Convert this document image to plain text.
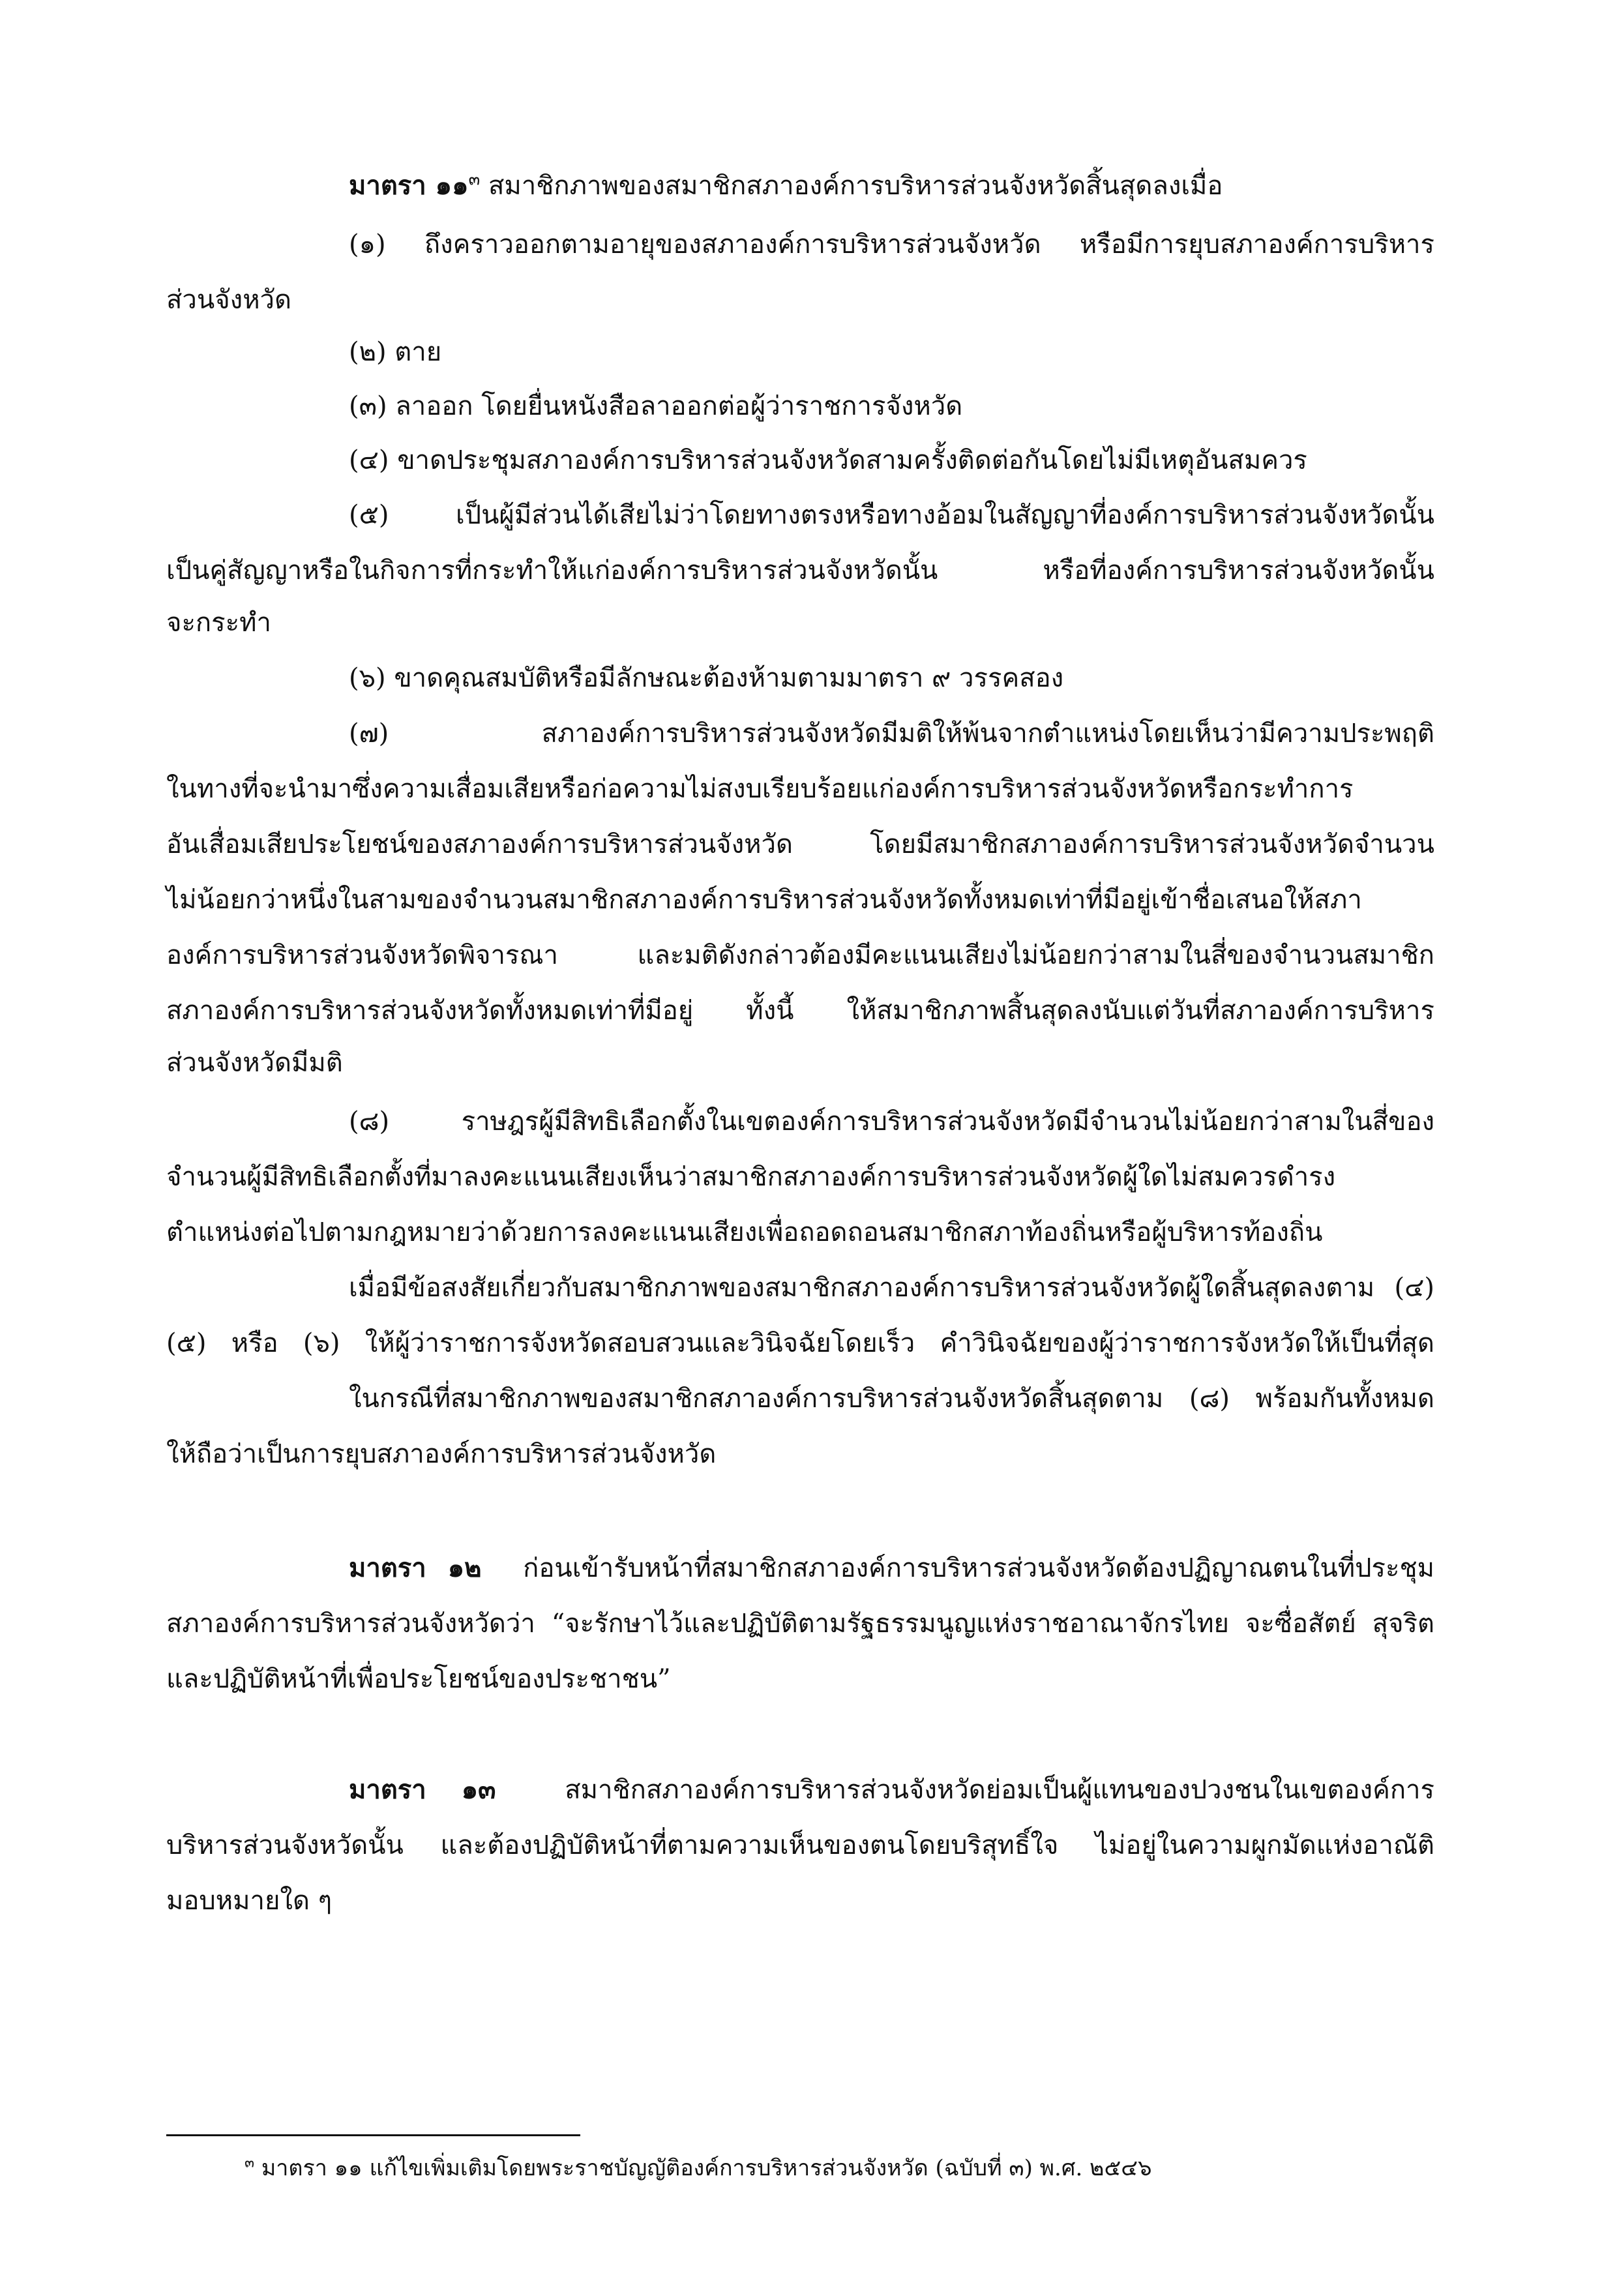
มาตรา ๑๑$^๓$ สมาชิกภาพของสมาชิกสภาองค์การบริหารส่วนจังหวัดสิ้นสุดลงเมื่อ
(๑) ถึงคราวออกตามอายุของสภาองค์การบริหารส่วนจังหวัด หรือมีการยุบสภาองค์การบริหาร
ส่วนจังหวัด
(๒) ตาย
(๓) ลาออก โดยยื่นหนังสือลาออกต่อผู้ว่าราชการจังหวัด
(๔) ขาดประชุมสภาองค์การบริหารส่วนจังหวัดสามครั้งติดต่อกันโดยไม่มีเหตุอันสมควร
(๕) เป็นผู้มีส่วนได้เสียไม่ว่าโดยทางตรงหรือทางอ้อมในสัญญาที่องค์การบริหารส่วนจังหวัดนั้น
เป็นคู่สัญญาหรือในกิจการที่กระทำให้แก่องค์การบริหารส่วนจังหวัดนั้น หรือที่องค์การบริหารส่วนจังหวัดนั้น
จะกระทำ
(๖) ขาดคุณสมบัติหรือมีลักษณะต้องห้ามตามมาตรา ๙ วรรคสอง
(๗) สภาองค์การบริหารส่วนจังหวัดมีมติให้พ้นจากตำแหน่งโดยเห็นว่ามีความประพฤติ
ในทางที่จะนำมาซึ่งความเสื่อมเสียหรือก่อความไม่สงบเรียบร้อยแก่องค์การบริหารส่วนจังหวัดหรือกระทำการ
อันเสื่อมเสียประโยชน์ของสภาองค์การบริหารส่วนจังหวัด โดยมีสมาชิกสภาองค์การบริหารส่วนจังหวัดจำนวน
ไม่น้อยกว่าหนึ่งในสามของจำนวนสมาชิกสภาองค์การบริหารส่วนจังหวัดทั้งหมดเท่าที่มีอยู่เข้าชื่อเสนอให้สภา
องค์การบริหารส่วนจังหวัดพิจารณา และมติดังกล่าวต้องมีคะแนนเสียงไม่น้อยกว่าสามในสี่ของจำนวนสมาชิก
สภาองค์การบริหารส่วนจังหวัดทั้งหมดเท่าที่มีอยู่ ทั้งนี้ ให้สมาชิกภาพสิ้นสุดลงนับแต่วันที่สภาองค์การบริหาร
ส่วนจังหวัดมีมติ
(๘) ราษฎรผู้มีสิทธิเลือกตั้งในเขตองค์การบริหารส่วนจังหวัดมีจำนวนไม่น้อยกว่าสามในสี่ของ
จำนวนผู้มีสิทธิเลือกตั้งที่มาลงคะแนนเสียงเห็นว่าสมาชิกสภาองค์การบริหารส่วนจังหวัดผู้ใดไม่สมควรดำรง
ตำแหน่งต่อไปตามกฎหมายว่าด้วยการลงคะแนนเสียงเพื่อถอดถอนสมาชิกสภาท้องถิ่นหรือผู้บริหารท้องถิ่น
เมื่อมีข้อสงสัยเกี่ยวกับสมาชิกภาพของสมาชิกสภาองค์การบริหารส่วนจังหวัดผู้ใดสิ้นสุดลงตาม (๔)
(๕) หรือ (๖) ให้ผู้ว่าราชการจังหวัดสอบสวนและวินิจฉัยโดยเร็ว คำวินิจฉัยของผู้ว่าราชการจังหวัดให้เป็นที่สุด
ในกรณีที่สมาชิกภาพของสมาชิกสภาองค์การบริหารส่วนจังหวัดสิ้นสุดตาม (๘) พร้อมกันทั้งหมด
ให้ถือว่าเป็นการยุบสภาองค์การบริหารส่วนจังหวัด
มาตรา ๑๒ ก่อนเข้ารับหน้าที่สมาชิกสภาองค์การบริหารส่วนจังหวัดต้องปฏิญาณตนในที่ประชุม
สภาองค์การบริหารส่วนจังหวัดว่า “จะรักษาไว้และปฏิบัติตามรัฐธรรมนูญแห่งราชอาณาจักรไทย จะซื่อสัตย์ สุจริต
และปฏิบัติหน้าที่เพื่อประโยชน์ของประชาชน”
มาตรา ๑๓	สมาชิกสภาองค์การบริหารส่วนจังหวัดย่อมเป็นผู้แทนของปวงชนในเขตองค์การ
บริหารส่วนจังหวัดนั้น และต้องปฏิบัติหน้าที่ตามความเห็นของตนโดยบริสุทธิ์ใจ ไม่อยู่ในความผูกมัดแห่งอาณัติ
มอบหมายใด ๆ
$^๓$ มาตรา ๑๑ แก้ไขเพิ่มเติมโดยพระราชบัญญัติองค์การบริหารส่วนจังหวัด (ฉบับที่ ๓) พ.ศ. ๒๕๔๖
